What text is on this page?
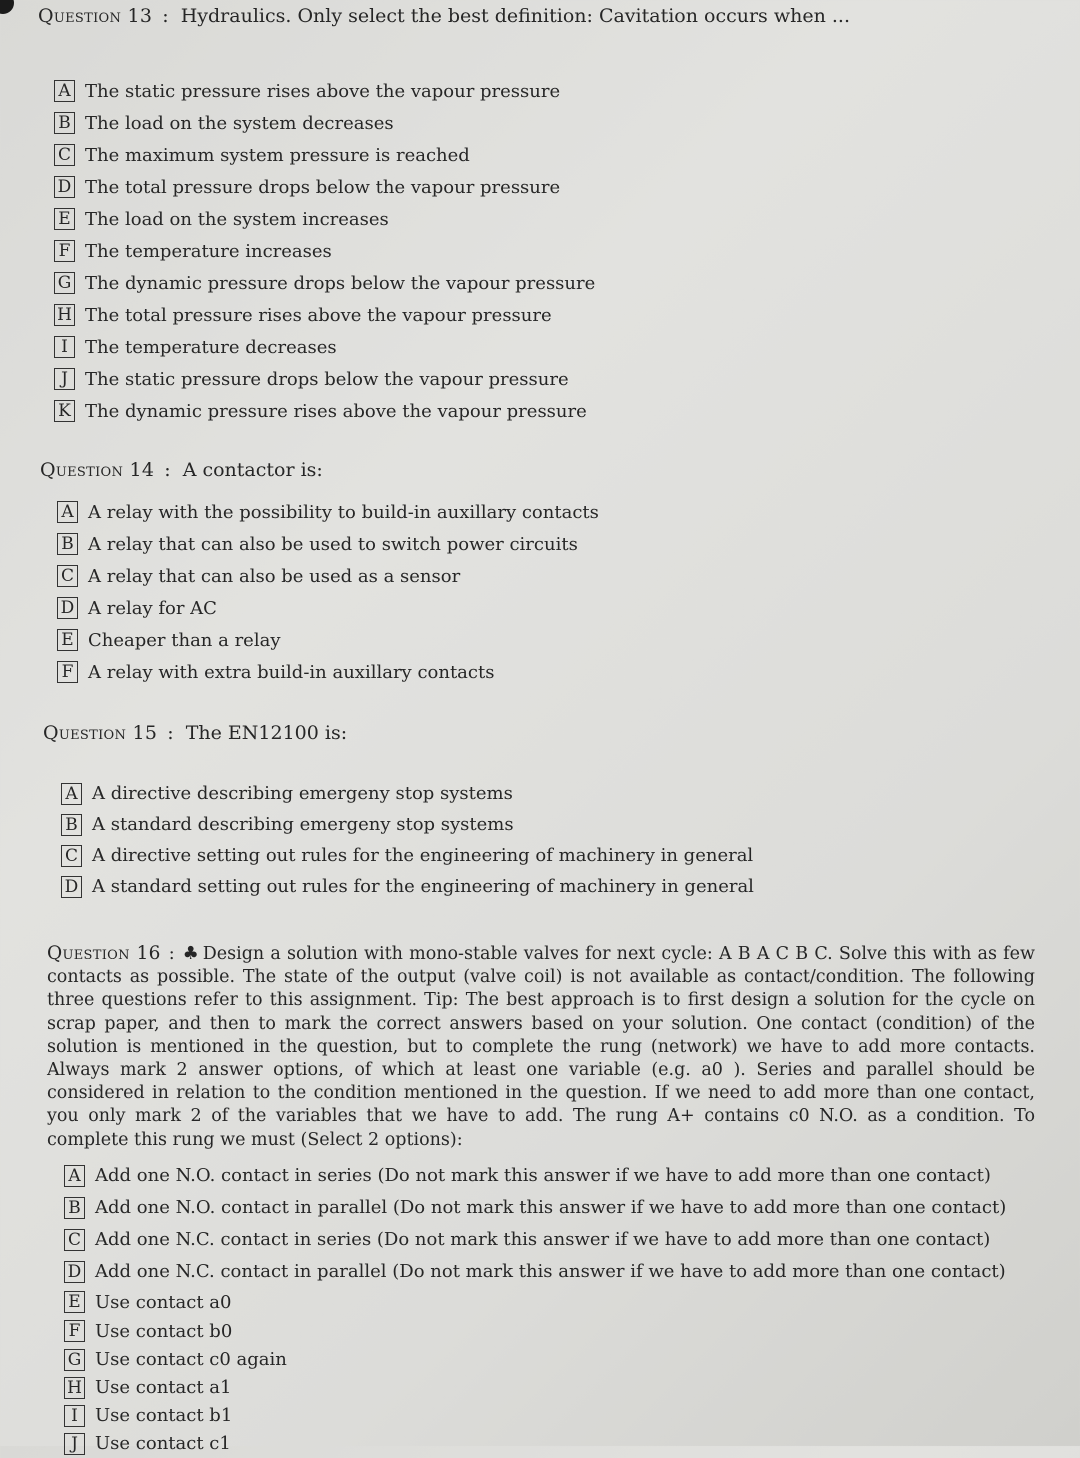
Question 13 : Hydraulics. Only select the best definition: Cavitation occurs when ...
A The static pressure rises above the vapour pressure
B The load on the system decreases
C The maximum system pressure is reached
D The total pressure drops below the vapour pressure
E The load on the system increases
F The temperature increases
G The dynamic pressure drops below the vapour pressure
H The total pressure rises above the vapour pressure
I The temperature decreases
J The static pressure drops below the vapour pressure
K The dynamic pressure rises above the vapour pressure
Question 14 : A contactor is:
A A relay with the possibility to build-in auxillary contacts
B A relay that can also be used to switch power circuits
C A relay that can also be used as a sensor
D A relay for AC
E Cheaper than a relay
F A relay with extra build-in auxillary contacts
Question 15 : The EN12100 is:
A A directive describing emergeny stop systems
B A standard describing emergeny stop systems
C A directive setting out rules for the engineering of machinery in general
D A standard setting out rules for the engineering of machinery in general
Question 16 : ♣ Design a solution with mono-stable valves for next cycle: A B A C B C. Solve this with as few contacts as possible. The state of the output (valve coil) is not available as contact/condition. The following three questions refer to this assignment. Tip: The best approach is to first design a solution for the cycle on scrap paper, and then to mark the correct answers based on your solution. One contact (condition) of the solution is mentioned in the question, but to complete the rung (network) we have to add more contacts. Always mark 2 answer options, of which at least one variable (e.g. a0 ). Series and parallel should be considered in relation to the condition mentioned in the question. If we need to add more than one contact, you only mark 2 of the variables that we have to add. The rung A+ contains c0 N.O. as a condition. To complete this rung we must (Select 2 options):
A Add one N.O. contact in series (Do not mark this answer if we have to add more than one contact)
B Add one N.O. contact in parallel (Do not mark this answer if we have to add more than one contact)
C Add one N.C. contact in series (Do not mark this answer if we have to add more than one contact)
D Add one N.C. contact in parallel (Do not mark this answer if we have to add more than one contact)
E Use contact a0
F Use contact b0
G Use contact c0 again
H Use contact a1
I Use contact b1
J Use contact c1
